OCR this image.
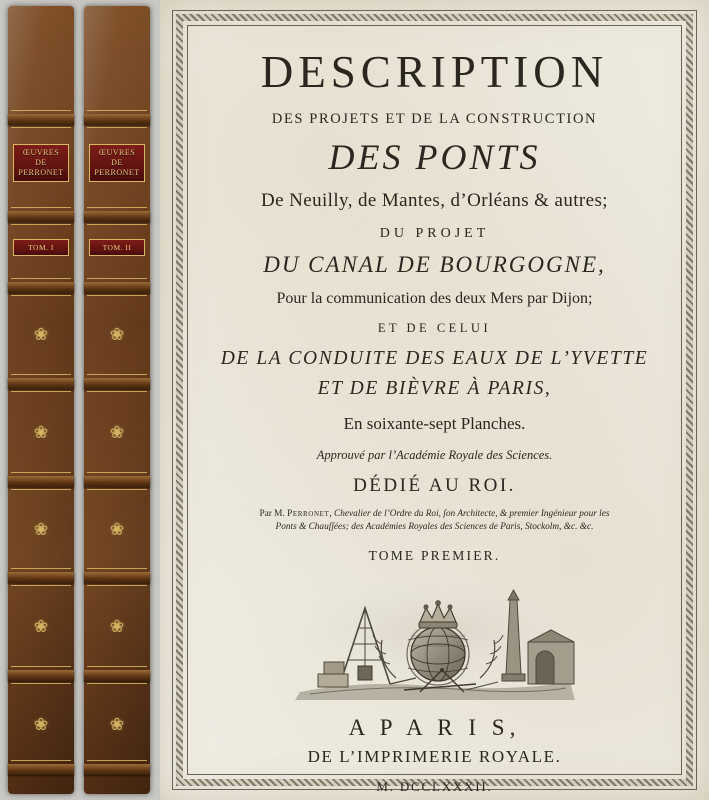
ŒUVRES
DE
PERRONET
TOM. I
❀
❀
❀
❀
❀
ŒUVRES
DE
PERRONET
TOM. II
❀
❀
❀
❀
❀
DESCRIPTION
DES PROJETS ET DE LA CONSTRUCTION
DES PONTS
De Neuilly, de Mantes, d’Orléans & autres;
DU PROJET
DU CANAL DE BOURGOGNE,
Pour la communication des deux Mers par Dijon;
ET DE CELUI
DE LA CONDUITE DES EAUX DE L’YVETTE
ET DE BIÈVRE À PARIS,
En soixante-sept Planches.
Approuvé par l’Académie Royale des Sciences.
DÉDIÉ AU ROI.
Par M. Perronet, Chevalier de l’Ordre du Roi, ſon Architecte, & premier Ingénieur pour les
Ponts & Chauſſées; des Académies Royales des Sciences de Paris, Stockolm, &c. &c.
TOME PREMIER.
A P A R I S,
DE L’IMPRIMERIE ROYALE.
M. DCCLXXXII.
